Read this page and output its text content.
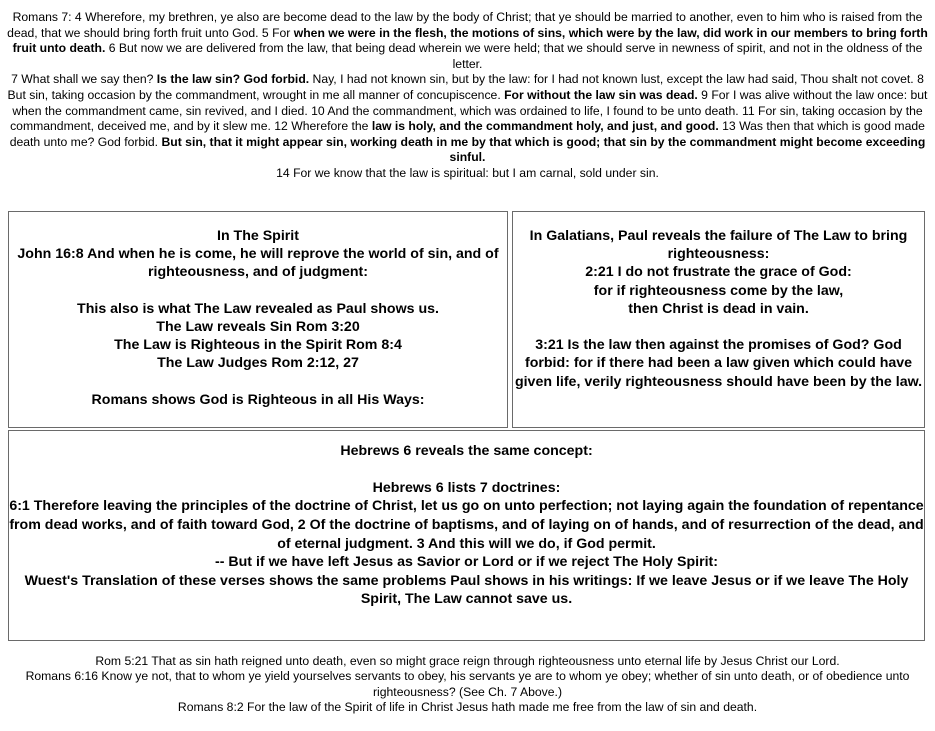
Romans 7: 4 Wherefore, my brethren, ye also are become dead to the law by the body of Christ; that ye should be married to another, even to him who is raised from the dead, that we should bring forth fruit unto God. 5 For when we were in the flesh, the motions of sins, which were by the law, did work in our members to bring forth fruit unto death. 6 But now we are delivered from the law, that being dead wherein we were held; that we should serve in newness of spirit, and not in the oldness of the letter.

7 What shall we say then? Is the law sin? God forbid. Nay, I had not known sin, but by the law: for I had not known lust, except the law had said, Thou shalt not covet. 8 But sin, taking occasion by the commandment, wrought in me all manner of concupiscence. For without the law sin was dead. 9 For I was alive without the law once: but when the commandment came, sin revived, and I died. 10 And the commandment, which was ordained to life, I found to be unto death. 11 For sin, taking occasion by the commandment, deceived me, and by it slew me. 12 Wherefore the law is holy, and the commandment holy, and just, and good. 13 Was then that which is good made death unto me? God forbid. But sin, that it might appear sin, working death in me by that which is good; that sin by the commandment might become exceeding sinful.

14 For we know that the law is spiritual: but I am carnal, sold under sin.

In The Spirit

John 16:8 And when he is come, he will reprove the world of sin, and of righteousness, and of judgment:

This also is what The Law revealed as Paul shows us.

The Law reveals Sin Rom 3:20

The Law is Righteous in the Spirit Rom 8:4

The Law Judges Rom 2:12, 27

Romans shows God is Righteous in all His Ways:

In Galatians, Paul reveals the failure of The Law to bring righteousness:

2:21 I do not frustrate the grace of God:

for if righteousness come by the law,

then Christ is dead in vain.

3:21 Is the law then against the promises of God? God forbid: for if there had been a law given which could have given life, verily righteousness should have been by the law.

Hebrews 6 reveals the same concept:

Hebrews 6 lists 7 doctrines:

6:1 Therefore leaving the principles of the doctrine of Christ, let us go on unto perfection; not laying again the foundation of repentance from dead works, and of faith toward God, 2 Of the doctrine of baptisms, and of laying on of hands, and of resurrection of the dead, and of eternal judgment. 3 And this will we do, if God permit.

-- But if we have left Jesus as Savior or Lord or if we reject The Holy Spirit:

Wuest's Translation of these verses shows the same problems Paul shows in his writings: If we leave Jesus or if we leave The Holy Spirit, The Law cannot save us.

Rom 5:21 That as sin hath reigned unto death, even so might grace reign through righteousness unto eternal life by Jesus Christ our Lord.

Romans 6:16 Know ye not, that to whom ye yield yourselves servants to obey, his servants ye are to whom ye obey; whether of sin unto death, or of obedience unto righteousness? (See Ch. 7 Above.)

Romans 8:2 For the law of the Spirit of life in Christ Jesus hath made me free from the law of sin and death.
